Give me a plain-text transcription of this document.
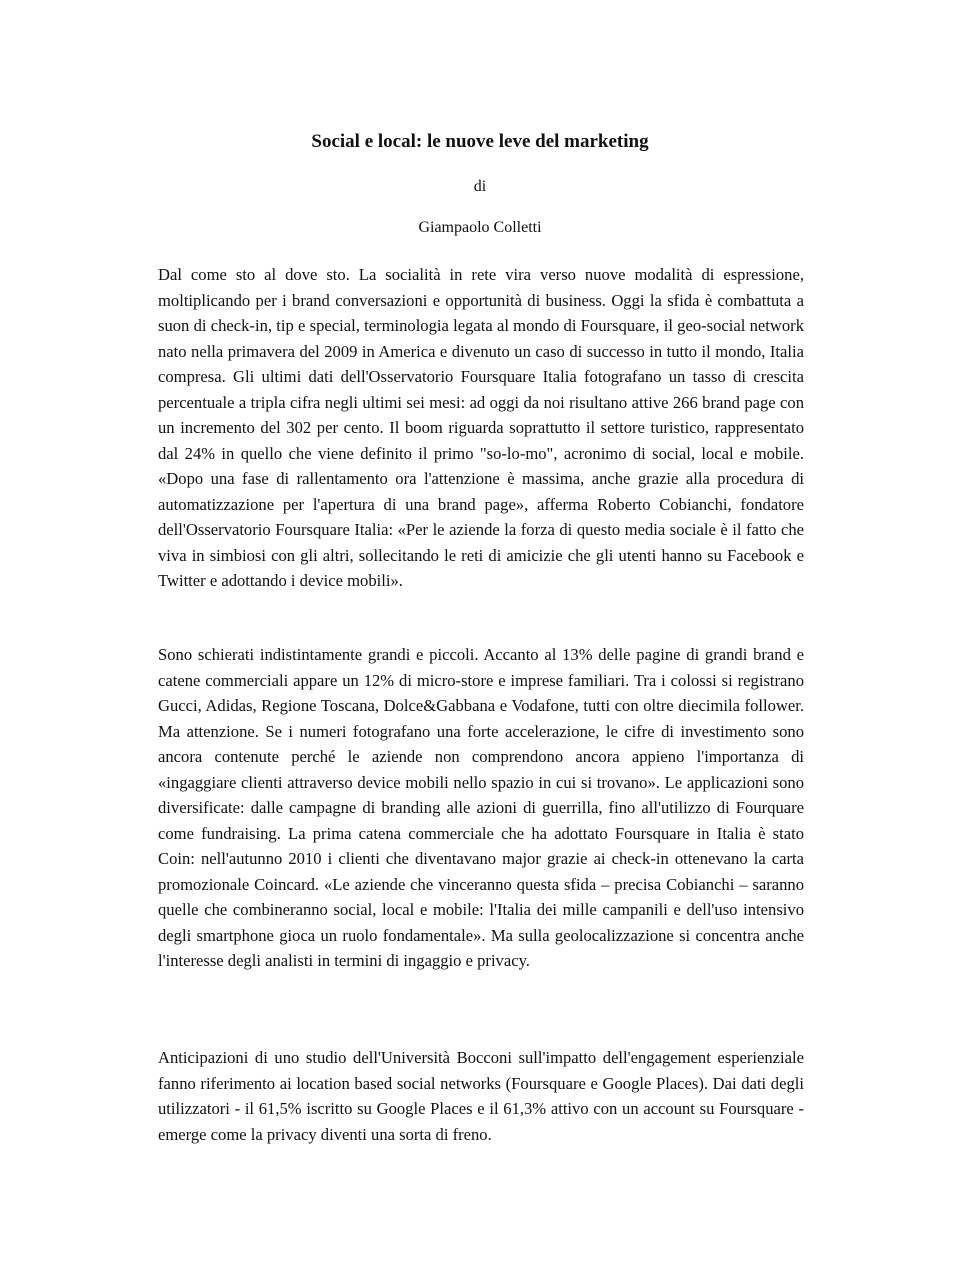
Social e local: le nuove leve del marketing
di
Giampaolo Colletti

Dal come sto al dove sto. La socialità in rete vira verso nuove modalità di espressione, moltiplicando per i brand conversazioni e opportunità di business. Oggi la sfida è combattuta a suon di check-in, tip e special, terminologia legata al mondo di Foursquare, il geo-social network nato nella primavera del 2009 in America e divenuto un caso di successo in tutto il mondo, Italia compresa. Gli ultimi dati dell'Osservatorio Foursquare Italia fotografano un tasso di crescita percentuale a tripla cifra negli ultimi sei mesi: ad oggi da noi risultano attive 266 brand page con un incremento del 302 per cento. Il boom riguarda soprattutto il settore turistico, rappresentato dal 24% in quello che viene definito il primo "so-lo-mo", acronimo di social, local e mobile. «Dopo una fase di rallentamento ora l'attenzione è massima, anche grazie alla procedura di automatizzazione per l'apertura di una brand page», afferma Roberto Cobianchi, fondatore dell'Osservatorio Foursquare Italia: «Per le aziende la forza di questo media sociale è il fatto che viva in simbiosi con gli altri, sollecitando le reti di amicizie che gli utenti hanno su Facebook e Twitter e adottando i device mobili».

Sono schierati indistintamente grandi e piccoli. Accanto al 13% delle pagine di grandi brand e catene commerciali appare un 12% di micro-store e imprese familiari. Tra i colossi si registrano Gucci, Adidas, Regione Toscana, Dolce&Gabbana e Vodafone, tutti con oltre diecimila follower. Ma attenzione. Se i numeri fotografano una forte accelerazione, le cifre di investimento sono ancora contenute perché le aziende non comprendono ancora appieno l'importanza di «ingaggiare clienti attraverso device mobili nello spazio in cui si trovano». Le applicazioni sono diversificate: dalle campagne di branding alle azioni di guerrilla, fino all'utilizzo di Fourquare come fundraising. La prima catena commerciale che ha adottato Foursquare in Italia è stato Coin: nell'autunno 2010 i clienti che diventavano major grazie ai check-in ottenevano la carta promozionale Coincard. «Le aziende che vinceranno questa sfida – precisa Cobianchi – saranno quelle che combineranno social, local e mobile: l'Italia dei mille campanili e dell'uso intensivo degli smartphone gioca un ruolo fondamentale». Ma sulla geolocalizzazione si concentra anche l'interesse degli analisti in termini di ingaggio e privacy.

Anticipazioni di uno studio dell'Università Bocconi sull'impatto dell'engagement esperienziale fanno riferimento ai location based social networks (Foursquare e Google Places). Dai dati degli utilizzatori - il 61,5% iscritto su Google Places e il 61,3% attivo con un account su Foursquare - emerge come la privacy diventi una sorta di freno.
